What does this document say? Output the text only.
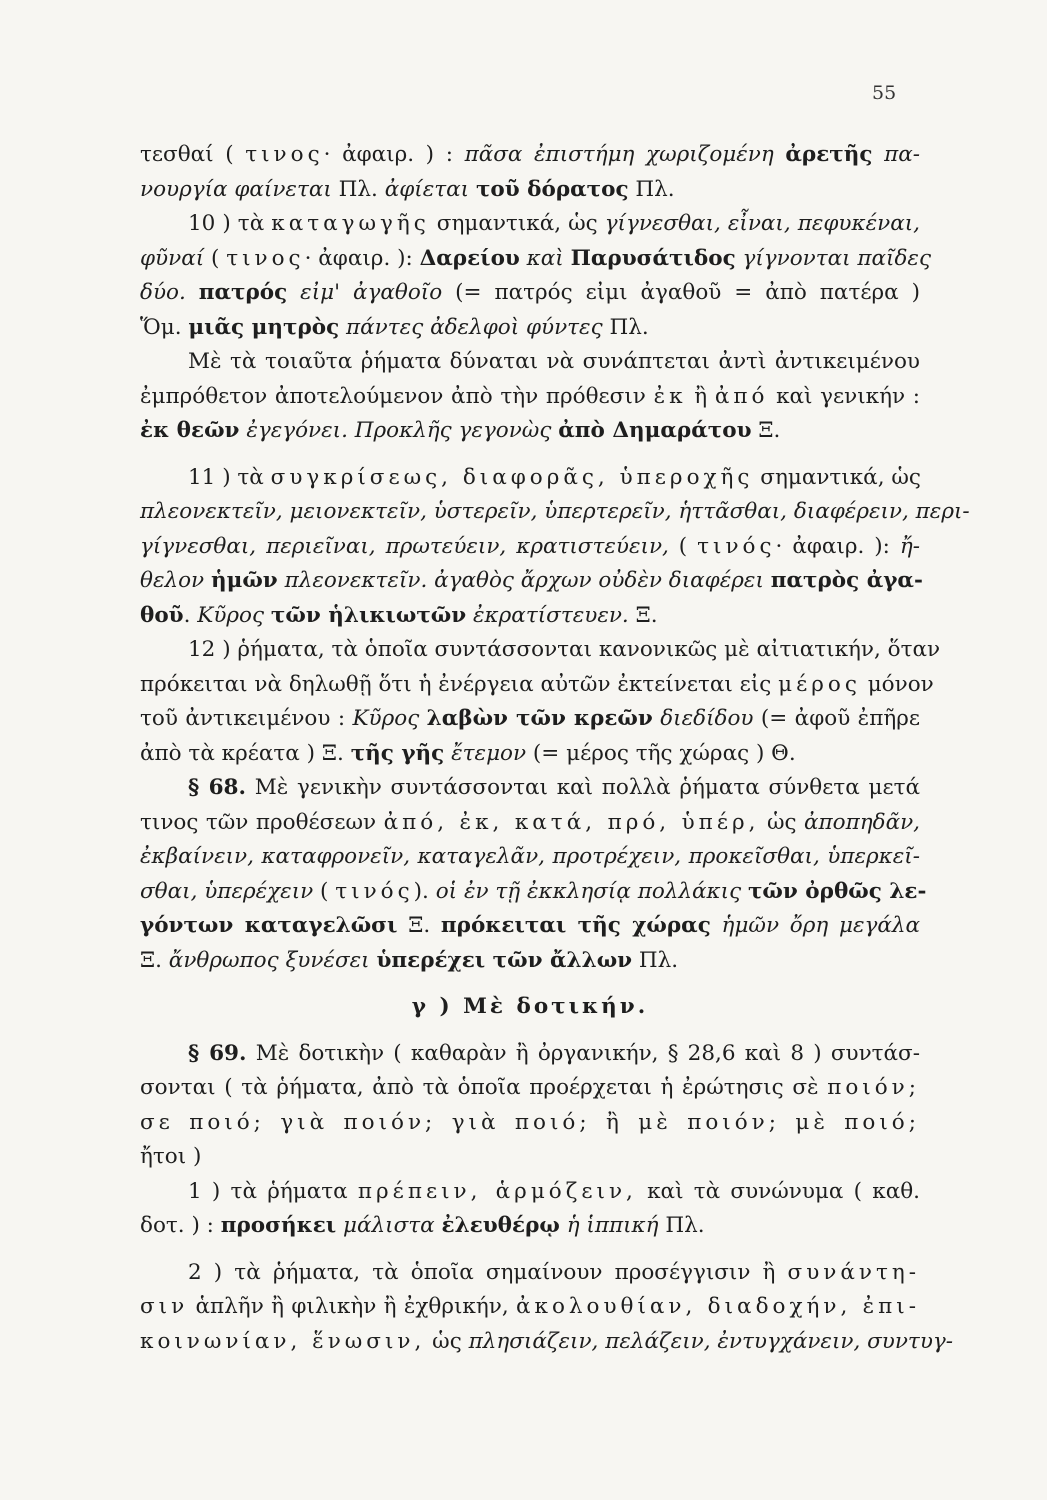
55
τεσθαί ( τινος· ἀφαιρ. ) : πᾶσα ἐπιστήμη χωριζομένη ἀρετῆς πα-
νουργία φαίνεται Πλ. ἀφίεται τοῦ δόρατος Πλ.
10 ) τὰ καταγωγῆς σημαντικά, ὡς γίγνεσθαι, εἶναι, πεφυκέναι,
φῦναί ( τινος· ἀφαιρ. ): Δαρείου καὶ Παρυσάτιδος γίγνονται παῖδες
δύο. πατρός εἰμ' ἀγαθοῖο (= πατρός εἰμι ἀγαθοῦ = ἀπὸ πατέρα )
Ὅμ. μιᾶς μητρὸς πάντες ἀδελφοὶ φύντες Πλ.
Μὲ τὰ τοιαῦτα ῥήματα δύναται νὰ συνάπτεται ἀντὶ ἀντικειμένου
ἐμπρόθετον ἀποτελούμενον ἀπὸ τὴν πρόθεσιν ἐκ ἢ ἀπό καὶ γενικήν :
ἐκ θεῶν ἐγεγόνει. Προκλῆς γεγονὼς ἀπὸ Δημαράτου Ξ.
11 ) τὰ συγκρίσεως, διαφορᾶς, ὑπεροχῆς σημαντικά, ὡς
πλεονεκτεῖν, μειονεκτεῖν, ὑστερεῖν, ὑπερτερεῖν, ἡττᾶσθαι, διαφέρειν, περι-
γίγνεσθαι, περιεῖναι, πρωτεύειν, κρατιστεύειν, ( τινός· ἀφαιρ. ): ἤ-
θελον ἡμῶν πλεονεκτεῖν. ἀγαθὸς ἄρχων οὐδὲν διαφέρει πατρὸς ἀγα-
θοῦ. Κῦρος τῶν ἡλικιωτῶν ἐκρατίστευεν. Ξ.
12 ) ῥήματα, τὰ ὁποῖα συντάσσονται κανονικῶς μὲ αἰτιατικήν, ὅταν
πρόκειται νὰ δηλωθῇ ὅτι ἡ ἐνέργεια αὐτῶν ἐκτείνεται εἰς μέρος μόνον
τοῦ ἀντικειμένου : Κῦρος λαβὼν τῶν κρεῶν διεδίδου (= ἀφοῦ ἐπῆρε
ἀπὸ τὰ κρέατα ) Ξ. τῆς γῆς ἔτεμον (= μέρος τῆς χώρας ) Θ.
§ 68. Μὲ γενικὴν συντάσσονται καὶ πολλὰ ῥήματα σύνθετα μετά
τινος τῶν προθέσεων ἀπό, ἐκ, κατά, πρό, ὑπέρ, ὡς ἀποπηδᾶν,
ἐκβαίνειν, καταφρονεῖν, καταγελᾶν, προτρέχειν, προκεῖσθαι, ὑπερκεῖ-
σθαι, ὑπερέχειν ( τινός). οἱ ἐν τῇ ἐκκλησίᾳ πολλάκις τῶν ὀρθῶς λε-
γόντων καταγελῶσι Ξ. πρόκειται τῆς χώρας ἡμῶν ὄρη μεγάλα
Ξ. ἄνθρωπος ξυνέσει ὑπερέχει τῶν ἄλλων Πλ.
γ ) Μὲ δοτικήν.
§ 69. Μὲ δοτικὴν ( καθαρὰν ἢ ὀργανικήν, § 28,6 καὶ 8 ) συντάσ-
σονται ( τὰ ῥήματα, ἀπὸ τὰ ὁποῖα προέρχεται ἡ ἐρώτησις σὲ ποιόν;
σε ποιό; γιὰ ποιόν; γιὰ ποιό; ἢ μὲ ποιόν; μὲ ποιό;
ἤτοι )
1 ) τὰ ῥήματα πρέπειν, ἁρμόζειν, καὶ τὰ συνώνυμα ( καθ.
δοτ. ) : προσήκει μάλιστα ἐλευθέρῳ ἡ ἱππική Πλ.
2 ) τὰ ῥήματα, τὰ ὁποῖα σημαίνουν προσέγγισιν ἢ συνάντη-
σιν ἁπλῆν ἢ φιλικὴν ἢ ἐχθρικήν, ἀκολουθίαν, διαδοχήν, ἐπι-
κοινωνίαν, ἕνωσιν, ὡς πλησιάζειν, πελάζειν, ἐντυγχάνειν, συντυγ-
